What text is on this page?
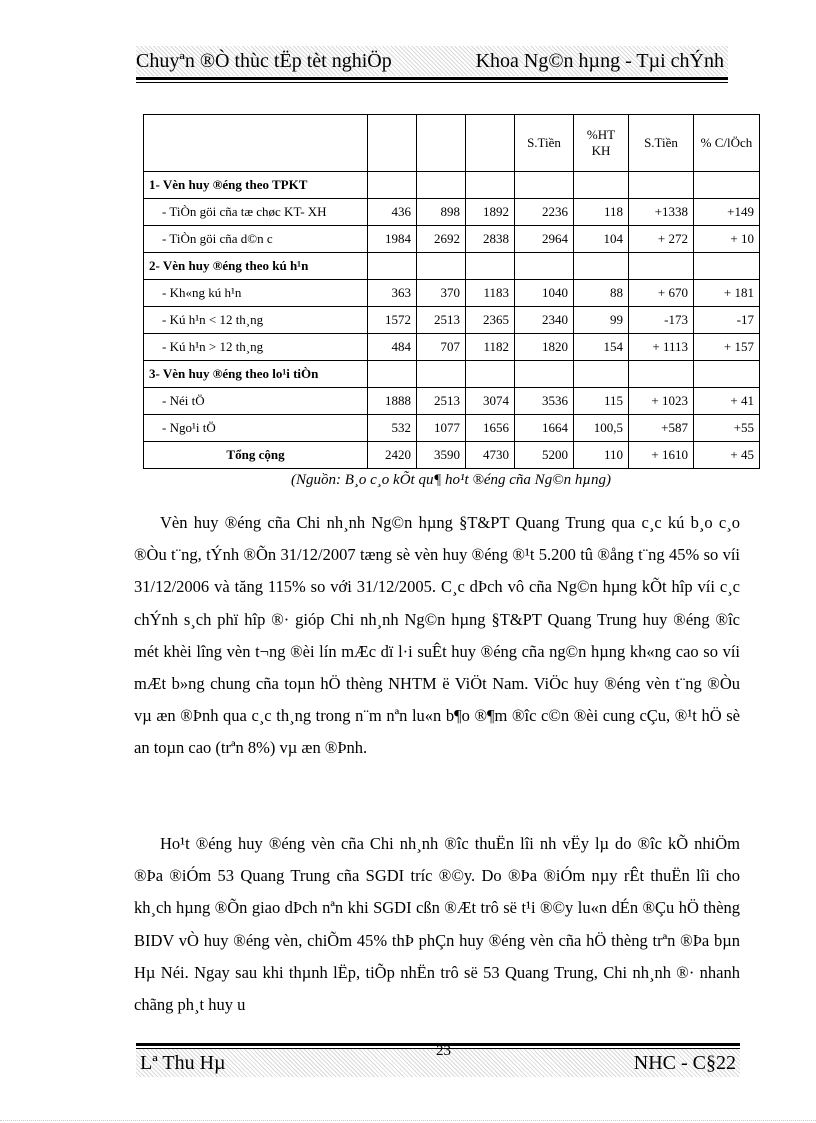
Chuyªn ®Ò thùc tËp tèt nghiÖp	Khoa Ng©n hµng - Tµi chÝnh
				S.Tiền	%HT KH	S.Tiền	% C/lÖch
1- Vèn huy ®éng theo TPKT							
- TiÒn göi cña tæ chøc KT- XH	436	898	1892	2236	118	+1338	+149
- TiÒn göi cña d©n c	1984	2692	2838	2964	104	+ 272	+ 10
2- Vèn huy ®éng theo kú h¹n							
- Kh«ng kú h¹n	363	370	1183	1040	88	+ 670	+ 181
- Kú h¹n < 12 th¸ng	1572	2513	2365	2340	99	-173	-17
- Kú h¹n > 12 th¸ng	484	707	1182	1820	154	+ 1113	+ 157
3- Vèn huy ®éng theo lo¹i tiÒn							
- Néi tÖ	1888	2513	3074	3536	115	+ 1023	+ 41
- Ngo¹i tÖ	532	1077	1656	1664	100,5	+587	+55
Tổng cộng	2420	3590	4730	5200	110	+ 1610	+ 45
(Nguồn: B¸o c¸o kÕt qu¶ ho¹t ®éng cña Ng©n hµng)

Vèn huy ®éng cña Chi nh¸nh Ng©n hµng §T&PT Quang Trung qua c¸c kú b¸o c¸o ®Òu t¨ng, tÝnh ®Õn 31/12/2007 tæng sè vèn huy ®éng ®¹t 5.200 tû ®ång t¨ng 45% so víi 31/12/2006 và tăng 115% so với 31/12/2005. C¸c dÞch vô cña Ng©n hµng kÕt hîp víi c¸c chÝnh s¸ch phï hîp ®· gióp Chi nh¸nh Ng©n hµng §T&PT Quang Trung huy ®éng ®îc mét khèi lîng vèn t¬ng ®èi lín mÆc dï l·i suÊt huy ®éng cña ng©n hµng kh«ng cao so víi mÆt b»ng chung cña toµn hÖ thèng NHTM ë ViÖt Nam. ViÖc huy ®éng vèn t¨ng ®Òu vµ æn ®Þnh qua c¸c th¸ng trong n¨m nªn lu«n b¶o ®¶m ®îc c©n ®èi cung cÇu, ®¹t hÖ sè an toµn cao (trªn 8%) vµ æn ®Þnh.

Ho¹t ®éng huy ®éng vèn cña Chi nh¸nh ®îc thuËn lîi nh vËy lµ do ®îc kÕ nhiÖm ®Þa ®iÓm 53 Quang Trung cña SGDI tríc ®©y. Do ®Þa ®iÓm nµy rÊt thuËn lîi cho kh¸ch hµng ®Õn giao dÞch nªn khi SGDI cßn ®Æt trô së t¹i ®©y lu«n dÉn ®Çu hÖ thèng BIDV vÒ huy ®éng vèn, chiÕm 45% thÞ phÇn huy ®éng vèn cña hÖ thèng trªn ®Þa bµn Hµ Néi. Ngay sau khi thµnh lËp, tiÕp nhËn trô së 53 Quang Trung, Chi nh¸nh ®· nhanh chãng ph¸t huy u

Lª Thu Hµ	NHC - C§22
23
